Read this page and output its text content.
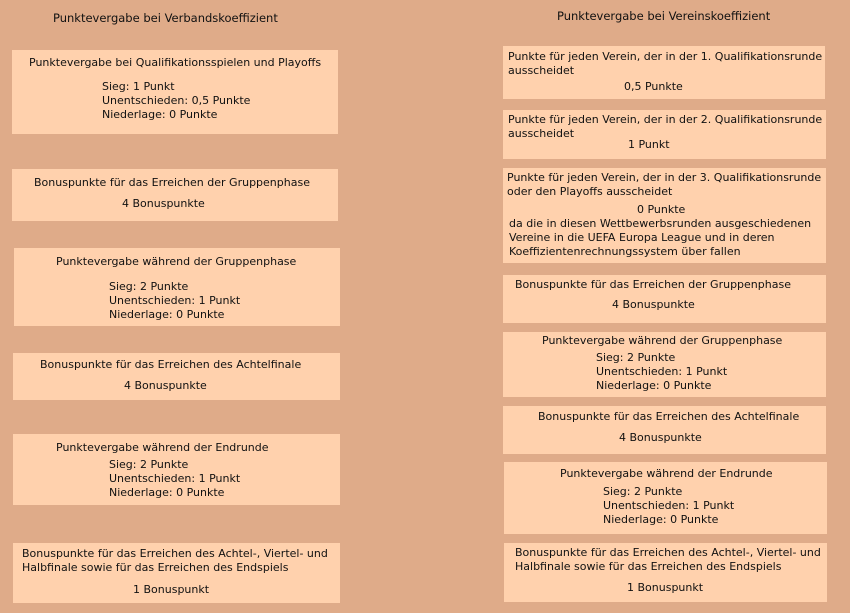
Punktevergabe bei Verbandskoeffizient	Punktevergabe bei Vereinskoeffizient
Punktevergabe bei Qualifikationsspielen und Playoffs
Sieg: 1 Punkt
Unentschieden: 0,5 Punkte
Niederlage: 0 Punkte
Bonuspunkte für das Erreichen der Gruppenphase
4 Bonuspunkte
Punktevergabe während der Gruppenphase
Sieg: 2 Punkte
Unentschieden: 1 Punkt
Niederlage: 0 Punkte
Bonuspunkte für das Erreichen des Achtelfinale
4 Bonuspunkte
Punktevergabe während der Endrunde
Sieg: 2 Punkte
Unentschieden: 1 Punkt
Niederlage: 0 Punkte
Bonuspunkte für das Erreichen des Achtel-, Viertel- und
Halbfinale sowie für das Erreichen des Endspiels
1 Bonuspunkt
Punkte für jeden Verein, der in der 1. Qualifikationsrunde
ausscheidet
0,5 Punkte
Punkte für jeden Verein, der in der 2. Qualifikationsrunde
ausscheidet
1 Punkt
Punkte für jeden Verein, der in der 3. Qualifikationsrunde
oder den Playoffs ausscheidet
0 Punkte
da die in diesen Wettbewerbsrunden ausgeschiedenen
Vereine in die UEFA Europa League und in deren
Koeffizientenrechnungssystem über fallen
Bonuspunkte für das Erreichen der Gruppenphase
4 Bonuspunkte
Punktevergabe während der Gruppenphase
Sieg: 2 Punkte
Unentschieden: 1 Punkt
Niederlage: 0 Punkte
Bonuspunkte für das Erreichen des Achtelfinale
4 Bonuspunkte
Punktevergabe während der Endrunde
Sieg: 2 Punkte
Unentschieden: 1 Punkt
Niederlage: 0 Punkte
Bonuspunkte für das Erreichen des Achtel-, Viertel- und
Halbfinale sowie für das Erreichen des Endspiels
1 Bonuspunkt
